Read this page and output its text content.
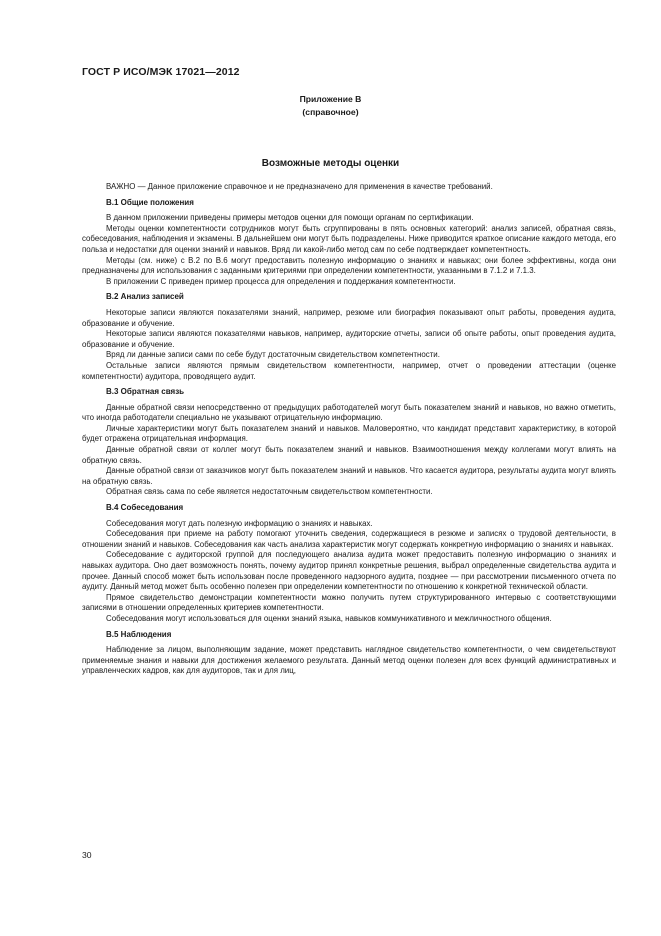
ГОСТ Р ИСО/МЭК 17021—2012
Приложение В
(справочное)
Возможные методы оценки

ВАЖНО — Данное приложение справочное и не предназначено для применения в качестве требований.

В.1 Общие положения

В данном приложении приведены примеры методов оценки для помощи органам по сертификации.

Методы оценки компетентности сотрудников могут быть сгруппированы в пять основных категорий: анализ записей, обратная связь, собеседования, наблюдения и экзамены. В дальнейшем они могут быть подразделены. Ниже приводится краткое описание каждого метода, его польза и недостатки для оценки знаний и навыков. Вряд ли какой-либо метод сам по себе подтверждает компетентность.

Методы (см. ниже) с В.2 по В.6 могут предоставить полезную информацию о знаниях и навыках; они более эффективны, когда они предназначены для использования с заданными критериями при определении компетентности, указанными в 7.1.2 и 7.1.3.

В приложении С приведен пример процесса для определения и поддержания компетентности.

В.2 Анализ записей

Некоторые записи являются показателями знаний, например, резюме или биография показывают опыт работы, проведения аудита, образование и обучение.

Некоторые записи являются показателями навыков, например, аудиторские отчеты, записи об опыте работы, опыт проведения аудита, образование и обучение.

Вряд ли данные записи сами по себе будут достаточным свидетельством компетентности.

Остальные записи являются прямым свидетельством компетентности, например, отчет о проведении аттестации (оценке компетентности) аудитора, проводящего аудит.

В.3 Обратная связь

Данные обратной связи непосредственно от предыдущих работодателей могут быть показателем знаний и навыков, но важно отметить, что иногда работодатели специально не указывают отрицательную информацию.

Личные характеристики могут быть показателем знаний и навыков. Маловероятно, что кандидат представит характеристику, в которой будет отражена отрицательная информация.

Данные обратной связи от коллег могут быть показателем знаний и навыков. Взаимоотношения между коллегами могут влиять на обратную связь.

Данные обратной связи от заказчиков могут быть показателем знаний и навыков. Что касается аудитора, результаты аудита могут влиять на обратную связь.

Обратная связь сама по себе является недостаточным свидетельством компетентности.

В.4 Собеседования

Собеседования могут дать полезную информацию о знаниях и навыках.

Собеседования при приеме на работу помогают уточнить сведения, содержащиеся в резюме и записях о трудовой деятельности, в отношении знаний и навыков. Собеседования как часть анализа характеристик могут содержать конкретную информацию о знаниях и навыках.

Собеседование с аудиторской группой для последующего анализа аудита может предоставить полезную информацию о знаниях и навыках аудитора. Оно дает возможность понять, почему аудитор принял конкретные решения, выбрал определенные свидетельства аудита и прочее. Данный способ может быть использован после проведенного надзорного аудита, позднее — при рассмотрении письменного отчета по аудиту. Данный метод может быть особенно полезен при определении компетентности по отношению к конкретной технической области.

Прямое свидетельство демонстрации компетентности можно получить путем структурированного интервью с соответствующими записями в отношении определенных критериев компетентности.

Собеседования могут использоваться для оценки знаний языка, навыков коммуникативного и межличностного общения.

В.5 Наблюдения

Наблюдение за лицом, выполняющим задание, может представить наглядное свидетельство компетентности, о чем свидетельствуют применяемые знания и навыки для достижения желаемого результата. Данный метод оценки полезен для всех функций административных и управленческих кадров, как для аудиторов, так и для лиц,

30
